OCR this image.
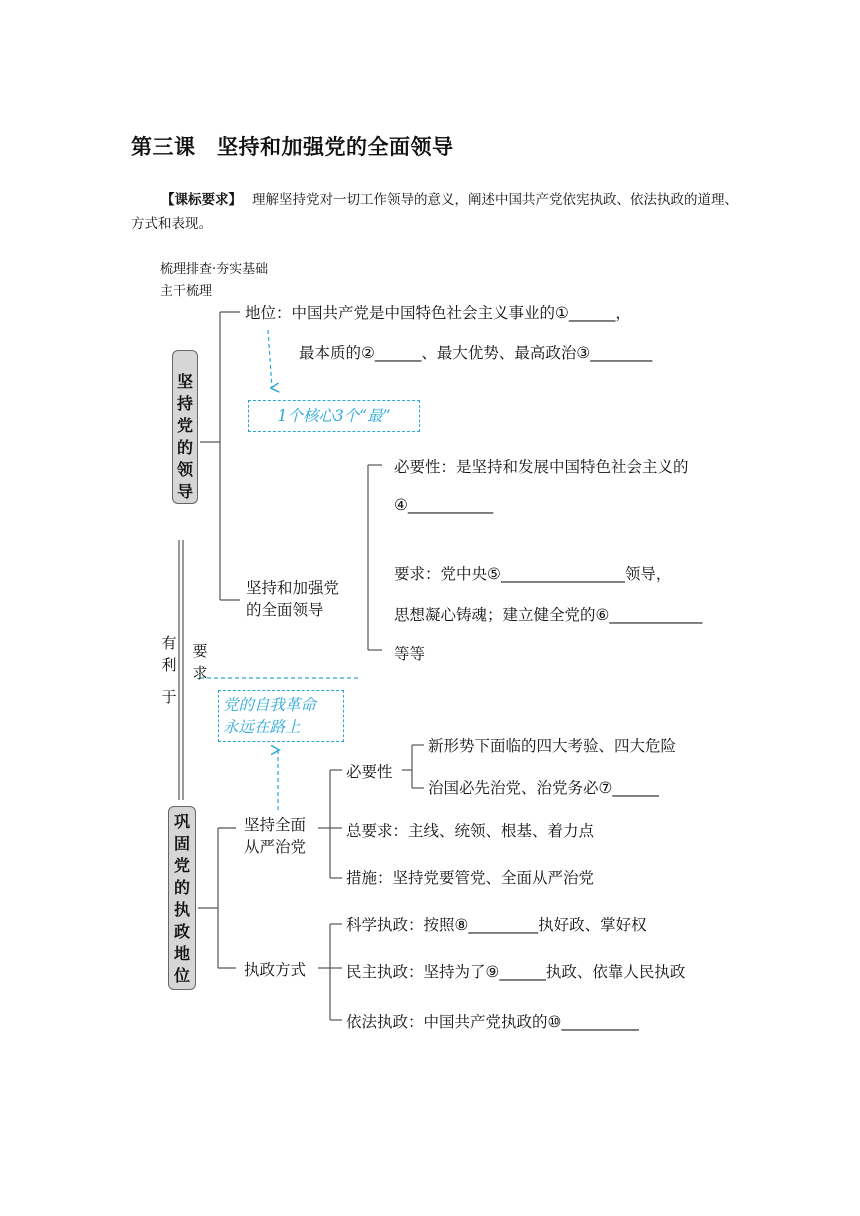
第三课　坚持和加强党的全面领导
【课标要求】 理解坚持党对一切工作领导的意义，阐述中国共产党依宪执政、依法执政的道理、方式和表现。
梳理排查·夯实基础
主干梳理
坚
持
党
的
领
导
巩
固
党
的
执
政
地
位
有
利
于
要
求
1个核心3个“最”
党的自我革命
永远在路上
地位：中国共产党是中国特色社会主义事业的①______，
最本质的②______、最大优势、最高政治③________
坚持和加强党
的全面领导
必要性：是坚持和发展中国特色社会主义的
④___________
要求：党中央⑤________________领导，
思想凝心铸魂；建立健全党的⑥____________
等等
坚持全面
从严治党
必要性
新形势下面临的四大考验、四大危险
治国必先治党、治党务必⑦______
总要求：主线、统领、根基、着力点
措施：坚持党要管党、全面从严治党
执政方式
科学执政：按照⑧_________执好政、掌好权
民主执政：坚持为了⑨______执政、依靠人民执政
依法执政：中国共产党执政的⑩__________
